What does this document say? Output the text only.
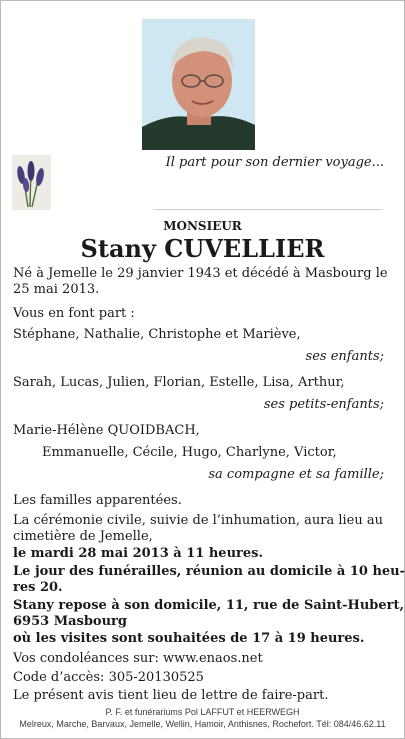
Il part pour son dernier voyage...
MONSIEUR
Stany CUVELLIER
Né à Jemelle le 29 janvier 1943 et décédé à Masbourg le
25 mai 2013.
Vous en font part :
Stéphane, Nathalie, Christophe et Mariève,
ses enfants;
Sarah, Lucas, Julien, Florian, Estelle, Lisa, Arthur,
ses petits-enfants;
Marie-Hélène QUOIDBACH,
Emmanuelle, Cécile, Hugo, Charlyne, Victor,
sa compagne et sa famille;
Les familles apparentées.
La cérémonie civile, suivie de l’inhumation, aura lieu au
cimetière de Jemelle,
le mardi 28 mai 2013 à 11 heures.
Le jour des funérailles, réunion au domicile à 10 heu-
res 20.
Stany repose à son domicile, 11, rue de Saint-Hubert,
6953 Masbourg
où les visites sont souhaitées de 17 à 19 heures.
Vos condoléances sur: www.enaos.net
Code d’accès: 305-20130525
Le présent avis tient lieu de lettre de faire-part.
P. F. et funérariums Pol LAFFUT et HEERWEGH
Melreux, Marche, Barvaux, Jemelle, Wellin, Hamoir, Anthisnes, Rochefort. Tél: 084/46.62.11
